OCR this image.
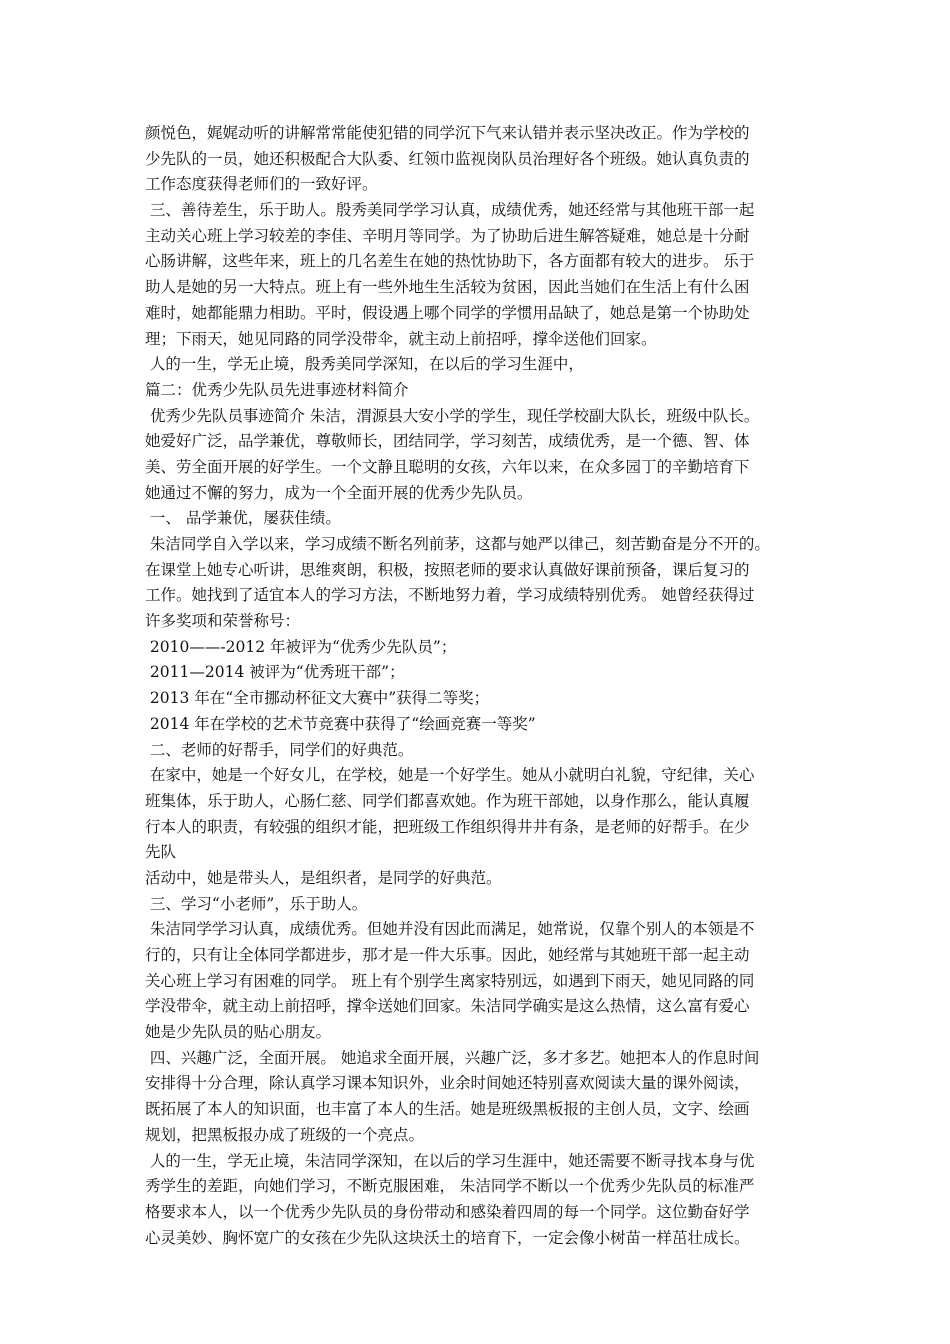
颜悦色，娓娓动听的讲解常常能使犯错的同学沉下气来认错并表示坚决改正。作为学校的
少先队的一员，她还积极配合大队委、红领巾监视岗队员治理好各个班级。她认真负责的
工作态度获得老师们的一致好评。
三、善待差生，乐于助人。殷秀美同学学习认真，成绩优秀，她还经常与其他班干部一起
主动关心班上学习较差的李佳、辛明月等同学。为了协助后进生解答疑难，她总是十分耐
心肠讲解，这些年来，班上的几名差生在她的热忱协助下，各方面都有较大的进步。 乐于
助人是她的另一大特点。班上有一些外地生生活较为贫困，因此当她们在生活上有什么困
难时，她都能鼎力相助。平时，假设遇上哪个同学的学惯用品缺了，她总是第一个协助处
理；下雨天，她见同路的同学没带伞，就主动上前招呼，撑伞送他们回家。
人的一生，学无止境，殷秀美同学深知，在以后的学习生涯中，
篇二：优秀少先队员先进事迹材料简介
优秀少先队员事迹简介 朱洁，渭源县大安小学的学生，现任学校副大队长，班级中队长。
她爱好广泛，品学兼优，尊敬师长，团结同学，学习刻苦，成绩优秀，是一个德、智、体
美、劳全面开展的好学生。一个文静且聪明的女孩，六年以来，在众多园丁的辛勤培育下
她通过不懈的努力，成为一个全面开展的优秀少先队员。
一、 品学兼优，屡获佳绩。
朱洁同学自入学以来，学习成绩不断名列前茅，这都与她严以律己，刻苦勤奋是分不开的。
在课堂上她专心听讲，思维爽朗，积极，按照老师的要求认真做好课前预备，课后复习的
工作。她找到了适宜本人的学习方法，不断地努力着，学习成绩特别优秀。 她曾经获得过
许多奖项和荣誉称号：
2010——-2012 年被评为“优秀少先队员”；
2011—2014 被评为“优秀班干部”；
2013 年在“全市挪动杯征文大赛中”获得二等奖；
2014 年在学校的艺术节竞赛中获得了“绘画竞赛一等奖”
二、老师的好帮手，同学们的好典范。
在家中，她是一个好女儿，在学校，她是一个好学生。她从小就明白礼貌，守纪律，关心
班集体，乐于助人，心肠仁慈、同学们都喜欢她。作为班干部她，以身作那么，能认真履
行本人的职责，有较强的组织才能，把班级工作组织得井井有条，是老师的好帮手。在少
先队
活动中，她是带头人，是组织者，是同学的好典范。
三、学习“小老师”，乐于助人。
朱洁同学学习认真，成绩优秀。但她并没有因此而满足，她常说，仅靠个别人的本领是不
行的，只有让全体同学都进步，那才是一件大乐事。因此，她经常与其她班干部一起主动
关心班上学习有困难的同学。 班上有个别学生离家特别远，如遇到下雨天，她见同路的同
学没带伞，就主动上前招呼，撑伞送她们回家。朱洁同学确实是这么热情，这么富有爱心
她是少先队员的贴心朋友。
四、兴趣广泛，全面开展。 她追求全面开展，兴趣广泛，多才多艺。她把本人的作息时间
安排得十分合理，除认真学习课本知识外，业余时间她还特别喜欢阅读大量的课外阅读，
既拓展了本人的知识面，也丰富了本人的生活。她是班级黑板报的主创人员，文字、绘画
规划，把黑板报办成了班级的一个亮点。
人的一生，学无止境，朱洁同学深知，在以后的学习生涯中，她还需要不断寻找本身与优
秀学生的差距，向她们学习，不断克服困难， 朱洁同学不断以一个优秀少先队员的标准严
格要求本人，以一个优秀少先队员的身份带动和感染着四周的每一个同学。这位勤奋好学
心灵美妙、胸怀宽广的女孩在少先队这块沃土的培育下，一定会像小树苗一样茁壮成长。
